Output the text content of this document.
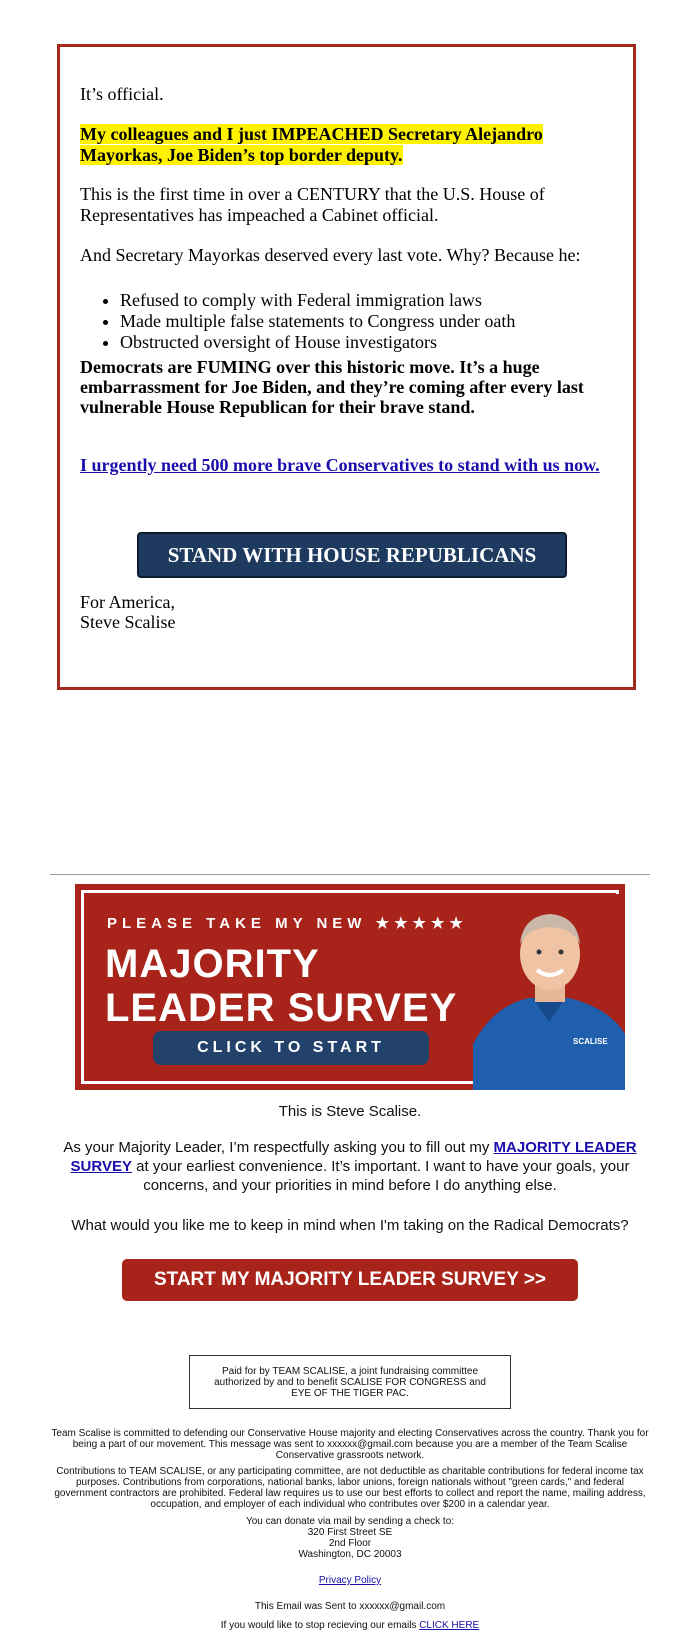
It’s official.

My colleagues and I just IMPEACHED Secretary Alejandro Mayorkas, Joe Biden’s top border deputy.

This is the first time in over a CENTURY that the U.S. House of Representatives has impeached a Cabinet official.

And Secretary Mayorkas deserved every last vote. Why? Because he:

• Refused to comply with Federal immigration laws
• Made multiple false statements to Congress under oath
• Obstructed oversight of House investigators

Democrats are FUMING over this historic move. It’s a huge embarrassment for Joe Biden, and they’re coming after every last vulnerable House Republican for their brave stand.

I urgently need 500 more brave Conservatives to stand with us now.

STAND WITH HOUSE REPUBLICANS

For America,

Steve Scalise

PLEASE TAKE MY NEW ★★★★★
MAJORITY
LEADER SURVEY
CLICK TO START	SCALISE
This is Steve Scalise.
As your Majority Leader, I’m respectfully asking you to fill out my MAJORITY LEADER SURVEY at your earliest convenience. It’s important. I want to have your goals, your concerns, and your priorities in mind before I do anything else.
What would you like me to keep in mind when I'm taking on the Radical Democrats?
START MY MAJORITY LEADER SURVEY >>
Paid for by TEAM SCALISE, a joint fundraising committee authorized by and to benefit SCALISE FOR CONGRESS and EYE OF THE TIGER PAC.
Team Scalise is committed to defending our Conservative House majority and electing Conservatives across the country. Thank you for being a part of our movement. This message was sent to xxxxxx@gmail.com because you are a member of the Team Scalise Conservative grassroots network.
Contributions to TEAM SCALISE, or any participating committee, are not deductible as charitable contributions for federal income tax purposes. Contributions from corporations, national banks, labor unions, foreign nationals without "green cards," and federal government contractors are prohibited. Federal law requires us to use our best efforts to collect and report the name, mailing address, occupation, and employer of each individual who contributes over $200 in a calendar year.
You can donate via mail by sending a check to:
320 First Street SE
2nd Floor
Washington, DC 20003
Privacy Policy
This Email was Sent to xxxxxx@gmail.com
If you would like to stop recieving our emails CLICK HERE
